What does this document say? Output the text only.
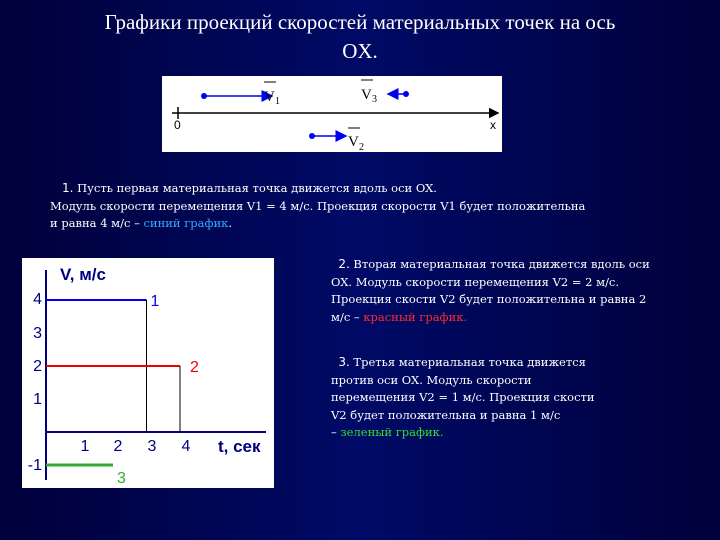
Графики проекций скоростей материальных точек на ось
OX.
0	x
V 1	V 3
V 2
1. Пусть первая материальная точка движется вдоль оси OX.
Модуль скорости перемещения V1 = 4 м/с. Проекция скорости V1 будет положительна
и равна 4 м/с – синий график.
2. Вторая материальная точка движется вдоль оси
OX. Модуль скорости перемещения V2 = 2 м/с.
Проекция скости V2 будет положительна и равна 2
м/с – красный график.
3. Третья материальная точка движется
против оси OX. Модуль скорости
перемещения V2 = 1 м/с. Проекция скости
V2 будет положительна и равна 1 м/с
– зеленый график.
V, м/с
t, сек
4
3
2
1
-1
1 2 3 4
1
2
3
